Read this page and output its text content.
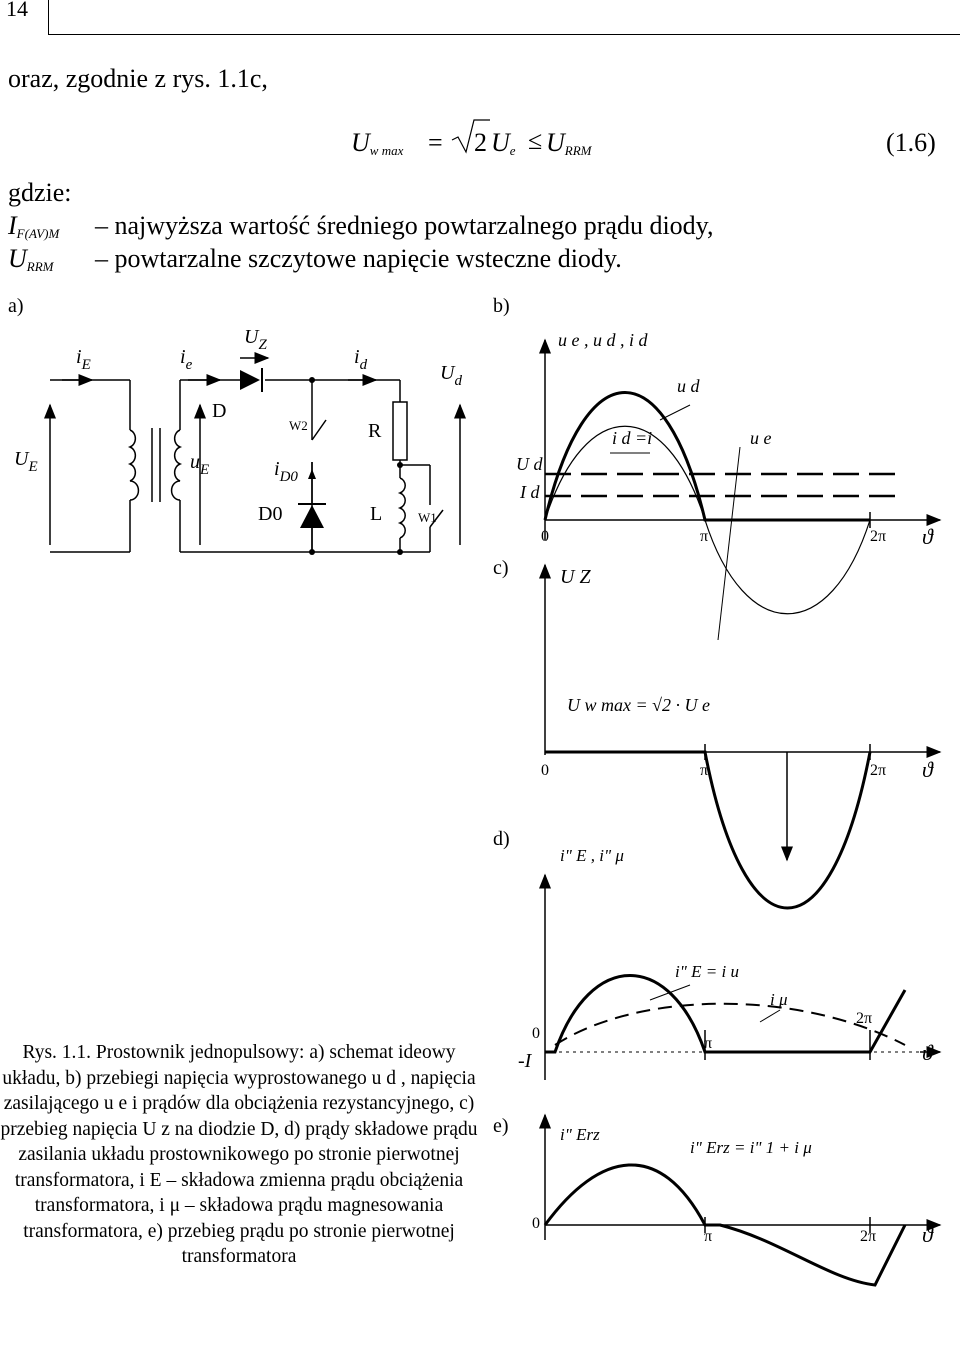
14
oraz, zgodnie z rys. 1.1c,
Uw max = 2 Ue ≤ URRM	(1.6)
gdzie:
IF(AV)M – najwyższa wartość średniego powtarzalnego prądu diody,
URRM – powtarzalne szczytowe napięcie wsteczne diody.
a)	b)
c)
d)
e)
$i_E$	$i_e$
$U_Z$
$i_d$	$U_d$
D
W2	R
$U_E$	$u_E$	$i_{D0}$
D0	L	W1
u e , u d , i d
u d
i d =i	u e
U d
I d
0	π	2π ϑ
U Z
U w max = √2 · U e
0	π	2π ϑ
i" E , i" μ
i" E = i u
i μ
0
-I
π
2π
ϑ
i" Erz
i" Erz = i" 1 + i μ
0
π	2π ϑ
Rys. 1.1. Prostownik jednopulsowy: a) schemat ideowy układu, b) przebiegi napięcia wyprostowanego u d , napięcia zasilającego u e i prądów dla obciążenia rezystancyjnego, c) przebieg napięcia U z na diodzie D, d) prądy składowe prądu zasilania układu prostownikowego po stronie pierwotnej transformatora, i E – składowa zmienna prądu obciążenia transformatora, i μ – składowa prądu magnesowania transformatora, e) przebieg prądu po stronie pierwotnej transformatora
